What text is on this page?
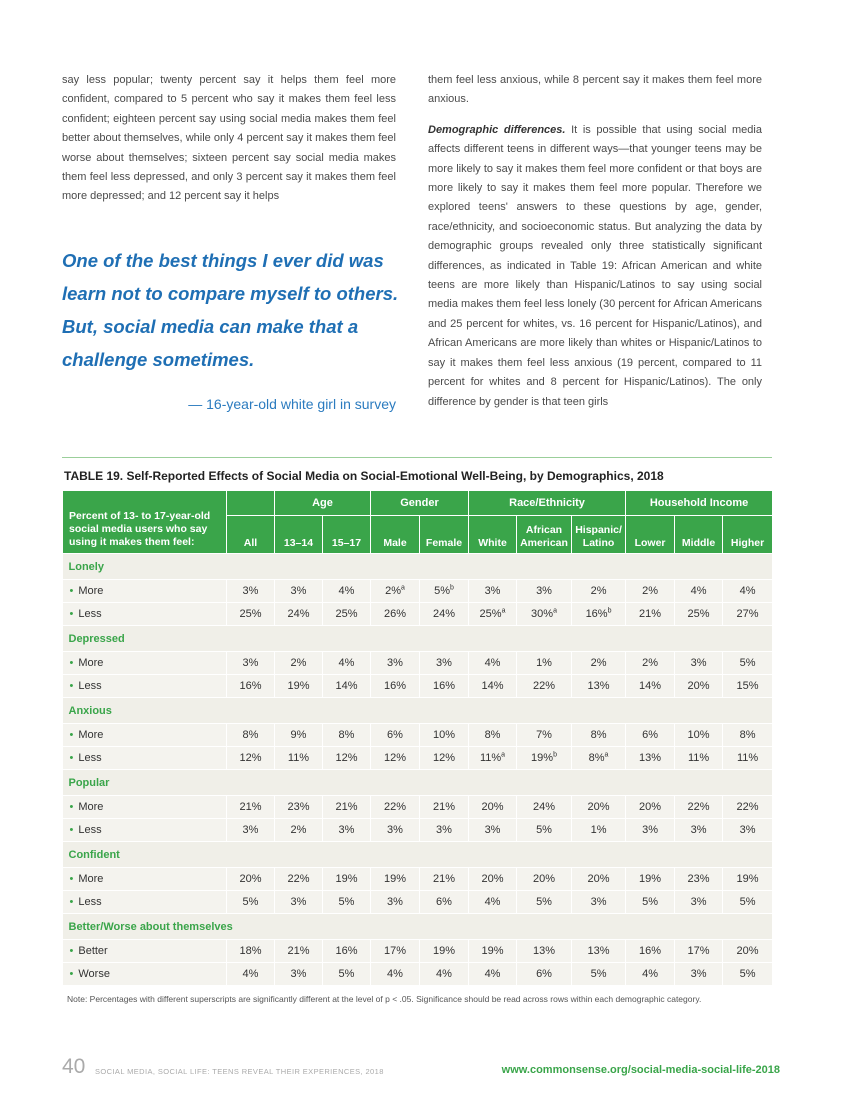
say less popular; twenty percent say it helps them feel more confident, compared to 5 percent who say it makes them feel less confident; eighteen percent say using social media makes them feel better about themselves, while only 4 percent say it makes them feel worse about themselves; sixteen percent say social media makes them feel less depressed, and only 3 percent say it makes them feel more depressed; and 12 percent say it helps

them feel less anxious, while 8 percent say it makes them feel more anxious.

Demographic differences. It is possible that using social media affects different teens in different ways—that younger teens may be more likely to say it makes them feel more confident or that boys are more likely to say it makes them feel more popular. Therefore we explored teens' answers to these questions by age, gender, race/ethnicity, and socioeconomic status. But analyzing the data by demographic groups revealed only three statistically significant differences, as indicated in Table 19: African American and white teens are more likely than Hispanic/Latinos to say using social media makes them feel less lonely (30 percent for African Americans and 25 percent for whites, vs. 16 percent for Hispanic/Latinos), and African Americans are more likely than whites or Hispanic/Latinos to say it makes them feel less anxious (19 percent, compared to 11 percent for whites and 8 percent for Hispanic/Latinos). The only difference by gender is that teen girls

One of the best things I ever did was learn not to compare myself to others. But, social media can make that a challenge sometimes.

— 16-year-old white girl in survey

TABLE 19. Self-Reported Effects of Social Media on Social-Emotional Well-Being, by Demographics, 2018

Percent of 13- to 17-year-old social media users who say using it makes them feel:		Age		Gender		Race/Ethnicity			Household Income		
	All	13–14	15–17	Male	Female	White	African American	Hispanic/ Latino	Lower	Middle	Higher
Lonely											
• More	3%	3%	4%	2%$^a$	5%$^b$	3%	3%	2%	2%	4%	4%
• Less	25%	24%	25%	26%	24%	25%$^a$	30%$^a$	16%$^b$	21%	25%	27%
Depressed											
• More	3%	2%	4%	3%	3%	4%	1%	2%	2%	3%	5%
• Less	16%	19%	14%	16%	16%	14%	22%	13%	14%	20%	15%
Anxious											
• More	8%	9%	8%	6%	10%	8%	7%	8%	6%	10%	8%
• Less	12%	11%	12%	12%	12%	11%$^a$	19%$^b$	8%$^a$	13%	11%	11%
Popular											
• More	21%	23%	21%	22%	21%	20%	24%	20%	20%	22%	22%
• Less	3%	2%	3%	3%	3%	3%	5%	1%	3%	3%	3%
Confident											
• More	20%	22%	19%	19%	21%	20%	20%	20%	19%	23%	19%
• Less	5%	3%	5%	3%	6%	4%	5%	3%	5%	3%	5%
Better/Worse about themselves											
• Better	18%	21%	16%	17%	19%	19%	13%	13%	16%	17%	20%
• Worse	4%	3%	5%	4%	4%	4%	6%	5%	4%	3%	5%

Note: Percentages with different superscripts are significantly different at the level of p < .05. Significance should be read across rows within each demographic category.

40 SOCIAL MEDIA, SOCIAL LIFE: TEENS REVEAL THEIR EXPERIENCES, 2018	www.commonsense.org/social-media-social-life-2018
